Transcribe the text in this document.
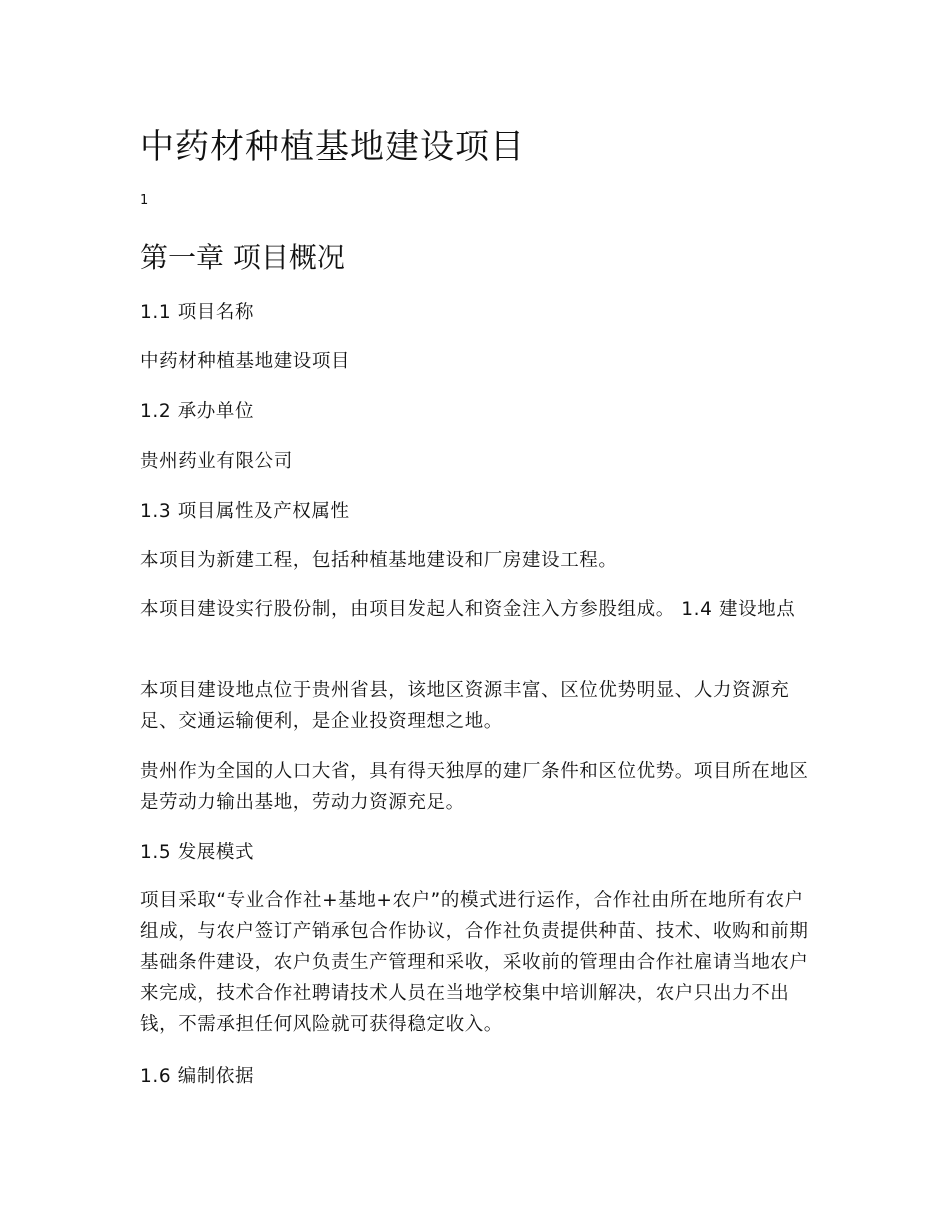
中药材种植基地建设项目
1
第一章 项目概况
1.1 项目名称
中药材种植基地建设项目
1.2 承办单位
贵州药业有限公司
1.3 项目属性及产权属性
本项目为新建工程，包括种植基地建设和厂房建设工程。
本项目建设实行股份制，由项目发起人和资金注入方参股组成。 1.4 建设地点
本项目建设地点位于贵州省县，该地区资源丰富、区位优势明显、人力资源充足、交通运输便利，是企业投资理想之地。
贵州作为全国的人口大省，具有得天独厚的建厂条件和区位优势。项目所在地区是劳动力输出基地，劳动力资源充足。
1.5 发展模式
项目采取“专业合作社+基地+农户”的模式进行运作，合作社由所在地所有农户组成，与农户签订产销承包合作协议，合作社负责提供种苗、技术、收购和前期基础条件建设，农户负责生产管理和采收，采收前的管理由合作社雇请当地农户来完成，技术合作社聘请技术人员在当地学校集中培训解决，农户只出力不出钱，不需承担任何风险就可获得稳定收入。
1.6 编制依据
